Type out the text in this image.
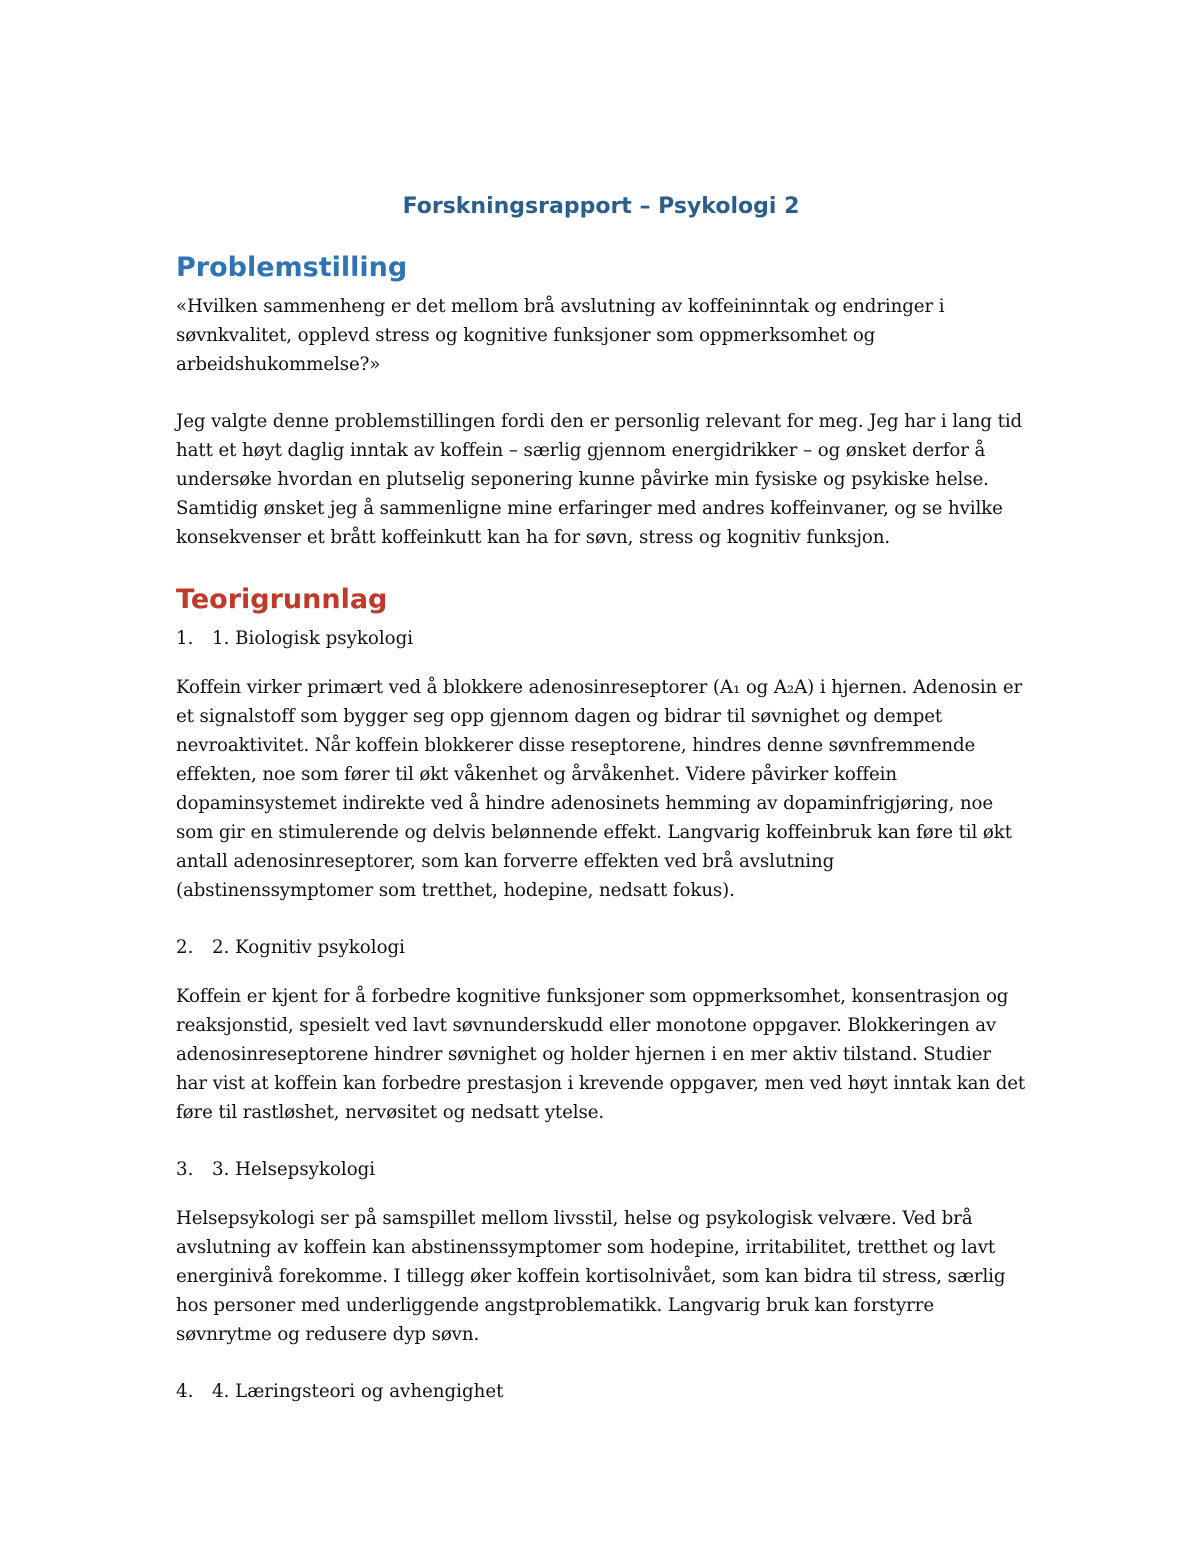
Forskningsrapport – Psykologi 2
Problemstilling

«Hvilken sammenheng er det mellom brå avslutning av koffeininntak og endringer i søvnkvalitet, opplevd stress og kognitive funksjoner som oppmerksomhet og arbeidshukommelse?»

Jeg valgte denne problemstillingen fordi den er personlig relevant for meg. Jeg har i lang tid hatt et høyt daglig inntak av koffein – særlig gjennom energidrikker – og ønsket derfor å undersøke hvordan en plutselig seponering kunne påvirke min fysiske og psykiske helse. Samtidig ønsket jeg å sammenligne mine erfaringer med andres koffeinvaner, og se hvilke konsekvenser et brått koffeinkutt kan ha for søvn, stress og kognitiv funksjon.

Teorigrunnlag
1.	1. Biologisk psykologi

Koffein virker primært ved å blokkere adenosinreseptorer (A₁ og A₂A) i hjernen. Adenosin er et signalstoff som bygger seg opp gjennom dagen og bidrar til søvnighet og dempet nevroaktivitet. Når koffein blokkerer disse reseptorene, hindres denne søvnfremmende effekten, noe som fører til økt våkenhet og årvåkenhet. Videre påvirker koffein dopaminsystemet indirekte ved å hindre adenosinets hemming av dopaminfrigjøring, noe som gir en stimulerende og delvis belønnende effekt. Langvarig koffeinbruk kan føre til økt antall adenosinreseptorer, som kan forverre effekten ved brå avslutning (abstinenssymptomer som tretthet, hodepine, nedsatt fokus).

2.	2. Kognitiv psykologi

Koffein er kjent for å forbedre kognitive funksjoner som oppmerksomhet, konsentrasjon og reaksjonstid, spesielt ved lavt søvnunderskudd eller monotone oppgaver. Blokkeringen av adenosinreseptorene hindrer søvnighet og holder hjernen i en mer aktiv tilstand. Studier har vist at koffein kan forbedre prestasjon i krevende oppgaver, men ved høyt inntak kan det føre til rastløshet, nervøsitet og nedsatt ytelse.

3.	3. Helsepsykologi

Helsepsykologi ser på samspillet mellom livsstil, helse og psykologisk velvære. Ved brå avslutning av koffein kan abstinenssymptomer som hodepine, irritabilitet, tretthet og lavt energinivå forekomme. I tillegg øker koffein kortisolnivået, som kan bidra til stress, særlig hos personer med underliggende angstproblematikk. Langvarig bruk kan forstyrre søvnrytme og redusere dyp søvn.

4.	4. Læringsteori og avhengighet
